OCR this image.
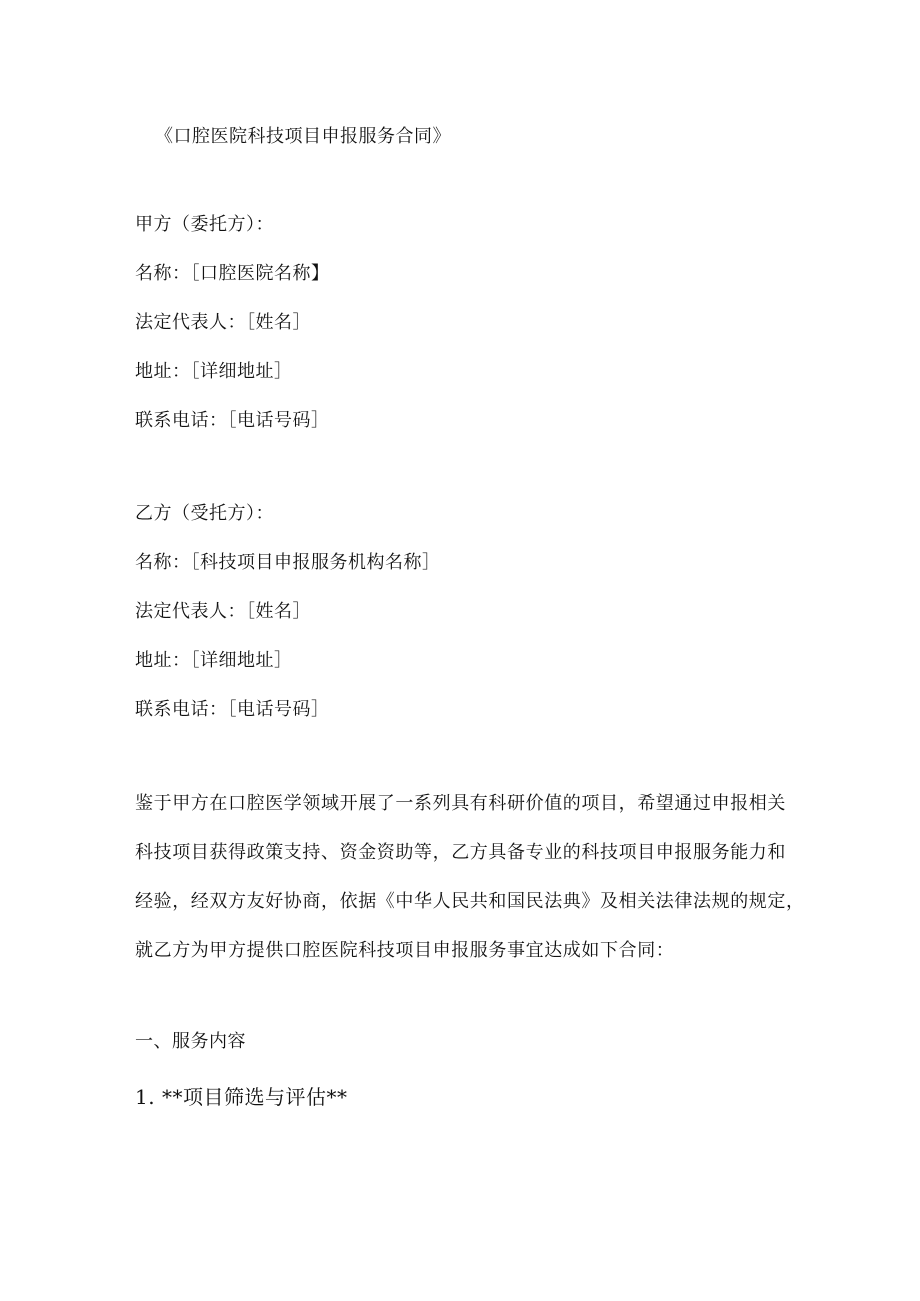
《口腔医院科技项目申报服务合同》
甲方（委托方）：
名称：［口腔医院名称】
法定代表人：［姓名］
地址：［详细地址］
联系电话：［电话号码］
乙方（受托方）：
名称：［科技项目申报服务机构名称］
法定代表人：［姓名］
地址：［详细地址］
联系电话：［电话号码］
鉴于甲方在口腔医学领域开展了一系列具有科研价值的项目，希望通过申报相关
科技项目获得政策支持、资金资助等，乙方具备专业的科技项目申报服务能力和
经验，经双方友好协商，依据《中华人民共和国民法典》及相关法律法规的规定，
就乙方为甲方提供口腔医院科技项目申报服务事宜达成如下合同：
一、服务内容
1. **项目筛选与评估**
